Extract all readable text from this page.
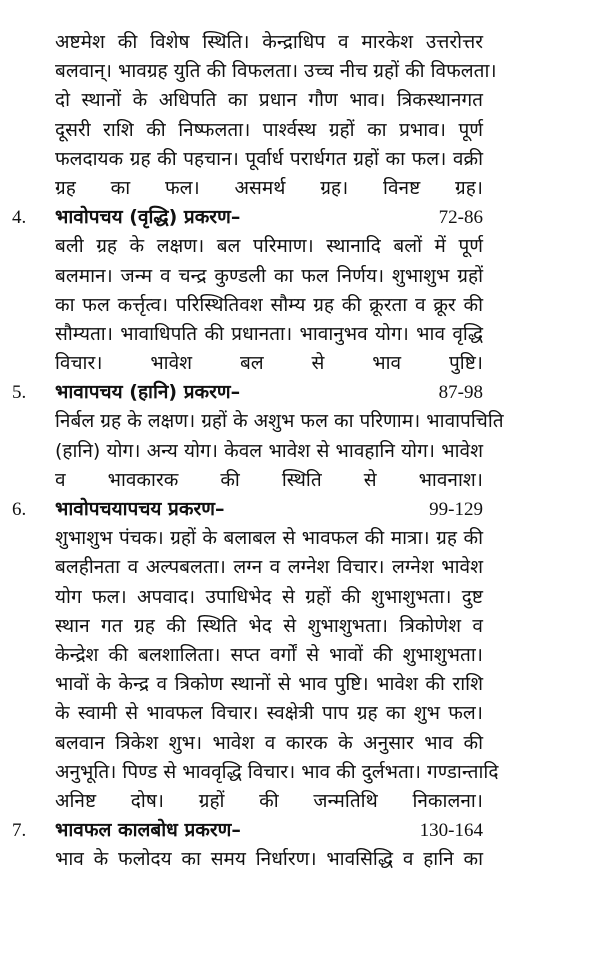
अष्टमेश की विशेष स्थिति। केन्द्राधिप व मारकेश उत्तरोत्तर
बलवान्। भावग्रह युति की विफलता। उच्च नीच ग्रहों की विफलता।
दो स्थानों के अधिपति का प्रधान गौण भाव। त्रिकस्थानगत
दूसरी राशि की निष्फलता। पार्श्वस्थ ग्रहों का प्रभाव। पूर्ण
फलदायक ग्रह की पहचान। पूर्वार्ध परार्धगत ग्रहों का फल। वक्री
ग्रह का फल। असमर्थ ग्रह। विनष्ट ग्रह।
4. भावोपचय (वृद्धि) प्रकरण–	72-86
बली ग्रह के लक्षण। बल परिमाण। स्थानादि बलों में पूर्ण
बलमान। जन्म व चन्द्र कुण्डली का फल निर्णय। शुभाशुभ ग्रहों
का फल कर्त्तृत्व। परिस्थितिवश सौम्य ग्रह की क्रूरता व क्रूर की
सौम्यता। भावाधिपति की प्रधानता। भावानुभव योग। भाव वृद्धि
विचार। भावेश बल से भाव पुष्टि।
5. भावापचय (हानि) प्रकरण–	87-98
निर्बल ग्रह के लक्षण। ग्रहों के अशुभ फल का परिणाम। भावापचिति
(हानि) योग। अन्य योग। केवल भावेश से भावहानि योग। भावेश
व भावकारक की स्थिति से भावनाश।
6. भावोपचयापचय प्रकरण–	99-129
शुभाशुभ पंचक। ग्रहों के बलाबल से भावफल की मात्रा। ग्रह की
बलहीनता व अल्पबलता। लग्न व लग्नेश विचार। लग्नेश भावेश
योग फल। अपवाद। उपाधिभेद से ग्रहों की शुभाशुभता। दुष्ट
स्थान गत ग्रह की स्थिति भेद से शुभाशुभता। त्रिकोणेश व
केन्द्रेश की बलशालिता। सप्त वर्गों से भावों की शुभाशुभता।
भावों के केन्द्र व त्रिकोण स्थानों से भाव पुष्टि। भावेश की राशि
के स्वामी से भावफल विचार। स्वक्षेत्री पाप ग्रह का शुभ फल।
बलवान त्रिकेश शुभ। भावेश व कारक के अनुसार भाव की
अनुभूति। पिण्ड से भाववृद्धि विचार। भाव की दुर्लभता। गण्डान्तादि
अनिष्ट दोष। ग्रहों की जन्मतिथि निकालना।
7. भावफल कालबोध प्रकरण–	130-164
भाव के फलोदय का समय निर्धारण। भावसिद्धि व हानि का
